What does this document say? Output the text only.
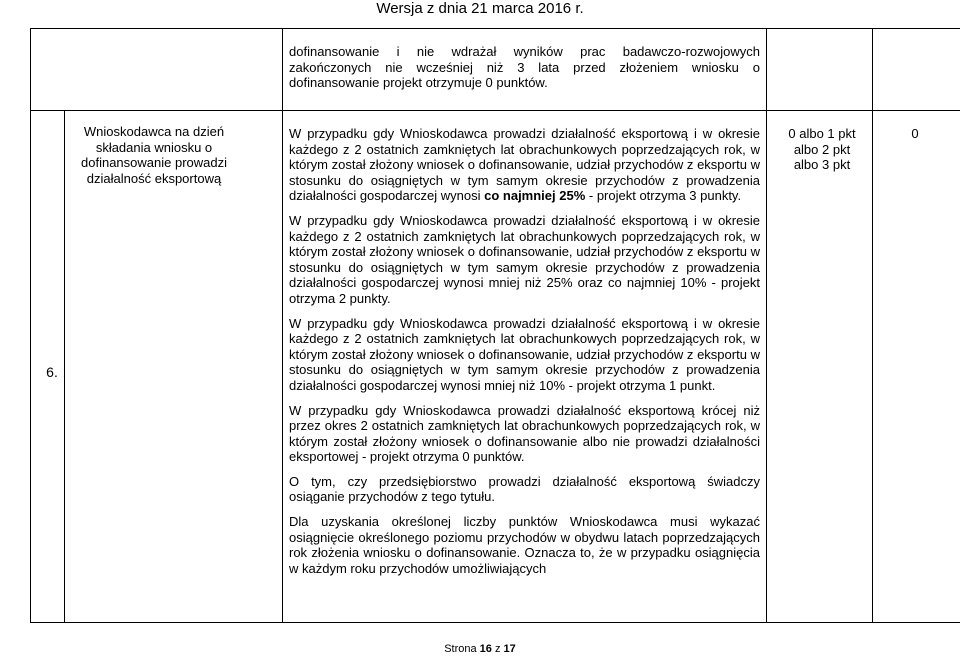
Wersja z dnia 21 marca 2016 r.

dofinansowanie i nie wdrażał wyników prac badawczo-rozwojowych zakończonych nie wcześniej niż 3 lata przed złożeniem wniosku o dofinansowanie projekt otrzymuje 0 punktów.

6.
Wnioskodawca na dzień składania wniosku o dofinansowanie prowadzi działalność eksportową

W przypadku gdy Wnioskodawca prowadzi działalność eksportową i w okresie każdego z 2 ostatnich zamkniętych lat obrachunkowych poprzedzających rok, w którym został złożony wniosek o dofinansowanie, udział przychodów z eksportu w stosunku do osiągniętych w tym samym okresie przychodów z prowadzenia działalności gospodarczej wynosi co najmniej 25% - projekt otrzyma 3 punkty.

W przypadku gdy Wnioskodawca prowadzi działalność eksportową i w okresie każdego z 2 ostatnich zamkniętych lat obrachunkowych poprzedzających rok, w którym został złożony wniosek o dofinansowanie, udział przychodów z eksportu w stosunku do osiągniętych w tym samym okresie przychodów z prowadzenia działalności gospodarczej wynosi mniej niż 25% oraz co najmniej 10% - projekt otrzyma 2 punkty.

W przypadku gdy Wnioskodawca prowadzi działalność eksportową i w okresie każdego z 2 ostatnich zamkniętych lat obrachunkowych poprzedzających rok, w którym został złożony wniosek o dofinansowanie, udział przychodów z eksportu w stosunku do osiągniętych w tym samym okresie przychodów z prowadzenia działalności gospodarczej wynosi mniej niż 10% - projekt otrzyma 1 punkt.

W przypadku gdy Wnioskodawca prowadzi działalność eksportową krócej niż przez okres 2 ostatnich zamkniętych lat obrachunkowych poprzedzających rok, w którym został złożony wniosek o dofinansowanie albo nie prowadzi działalności eksportowej - projekt otrzyma 0 punktów.

O tym, czy przedsiębiorstwo prowadzi działalność eksportową świadczy osiąganie przychodów z tego tytułu.

Dla uzyskania określonej liczby punktów Wnioskodawca musi wykazać osiągnięcie określonego poziomu przychodów w obydwu latach poprzedzających rok złożenia wniosku o dofinansowanie. Oznacza to, że w przypadku osiągnięcia w każdym roku przychodów umożliwiających

0 albo 1 pkt
albo 2 pkt
albo 3 pkt
0
Strona 16 z 17
